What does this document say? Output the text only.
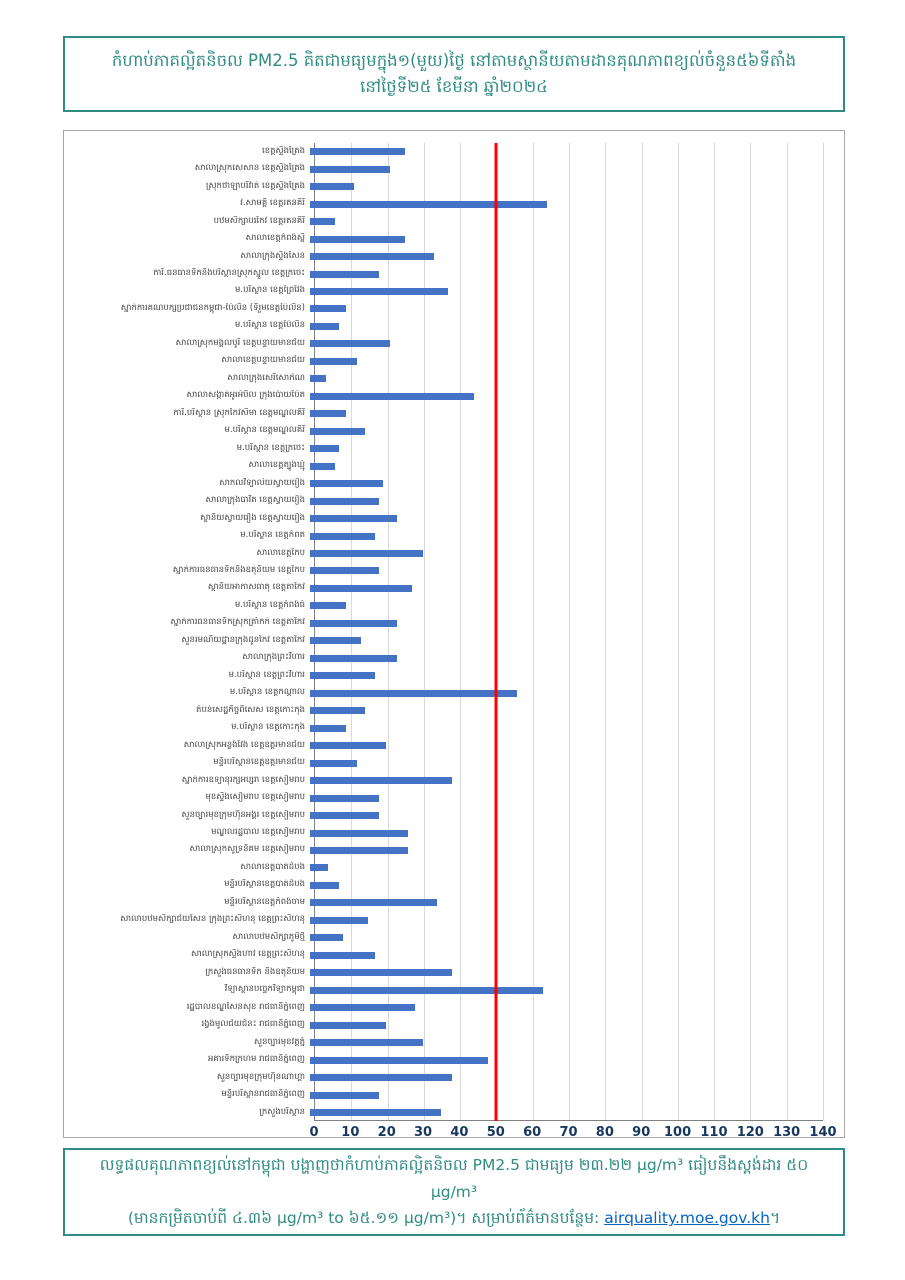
កំហាប់ភាគល្អិតនិចល PM2.5 គិតជាមធ្យមក្នុង១(មួយ)ថ្ងៃ នៅតាមស្ថានីយតាមដានគុណភាពខ្យល់ចំនួន៥៦ទីតាំង
នៅថ្ងៃទី២៥ ខែមីនា ឆ្នាំ២០២៤
ខេត្តស្ទឹងត្រែង
សាលាស្រុកសេសាន ខេត្តស្ទឹងត្រែង
ស្រុកថាឡាបរិវ៉ាត់ ខេត្តស្ទឹងត្រែង
វ.សាមគ្គី ខេត្តរតនគិរី
បឋមសិក្សាបរកែវ ខេត្តរតនគិរី
សាលាខេត្តកំពង់ស្ពឺ
សាលាក្រុងស្ទឹងសែន
ការិ.ធនធានទឹកនិងបរិស្ថានស្រុកស្នួល ខេត្តក្រចេះ
ម.បរិស្ថាន ខេត្តព្រៃវែង
ស្នាក់ការគណបក្សប្រជាជនកម្ពុជា-ប៉ៃលិន (ទីរួមខេត្តប៉ៃលិន)
ម.បរិស្ថាន ខេត្តប៉ៃលិន
សាលាស្រុកមង្គលបូរី ខេត្តបន្ទាយមានជ័យ
សាលាខេត្តបន្ទាយមានជ័យ
សាលាក្រុងសេរីសោភ័ណ
សាលាសង្កាត់អូរអំបិល ក្រុងប៉ោយប៉ែត
ការិ.បរិស្ថាន ស្រុកកែវសីមា ខេត្តមណ្ឌលគិរី
ម.បរិស្ថាន ខេត្តមណ្ឌលគិរី
ម.បរិស្ថាន ខេត្តក្រចេះ
សាលាខេត្តត្បូងឃ្មុំ
សាកលវិទ្យាល័យស្វាយរៀង
សាលាក្រុងបាវិត ខេត្តស្វាយរៀង
ស្ថានីយស្វាយរៀង ខេត្តស្វាយរៀង
ម.បរិស្ថាន ខេត្តកំពត
សាលាខេត្តកែប
ស្នាក់ការធនធានទឹកនិងឧតុនិយម ខេត្តកែប
ស្ថានីយអាកាសធាតុ ខេត្តតាកែវ
ម.បរិស្ថាន ខេត្តកំពង់ធំ
ស្នាក់ការធនធានទឹកស្រុកត្រាំកក់ ខេត្តតាកែវ
សួនរមណីយដ្ឋានក្រុងដូនកែវ ខេត្តតាកែវ
សាលាក្រុងព្រះវិហារ
ម.បរិស្ថាន ខេត្តព្រះវិហារ
ម.បរិស្ថាន ខេត្តកណ្តាល
តំបន់សេដ្ឋកិច្ចពិសេស ខេត្តកោះកុង
ម.បរិស្ថាន ខេត្តកោះកុង
សាលាស្រុកអន្លង់វែង ខេត្តឧត្តរមានជ័យ
មន្ទីរបរិស្ថានខេត្តឧត្តរមានជ័យ
ស្នាក់ការឧទ្យានុរក្សអប្សរា ខេត្តសៀមរាប
មុខស្ទឹងសៀមរាប ខេត្តសៀមរាប
សួនច្បារមុខក្រុមហ៊ុនអង្គរ ខេត្តសៀមរាប
មណ្ឌលរដ្ឋបាល ខេត្តសៀមរាប
សាលាស្រុកសូទ្រនិគម ខេត្តសៀមរាប
សាលាខេត្តបាត់ដំបង
មន្ទីរបរិស្ថានខេត្តបាត់ដំបង
មន្ទីរបរិស្ថានខេត្តកំពង់ចាម
សាលាបឋមសិក្សាជ័យសែន ក្រុងព្រះសីហនុ ខេត្តព្រះសីហនុ
សាលាបឋមសិក្សាភូមិថ្មី
សាលាស្រុកស្ទឹងហាវ ខេត្តព្រះសីហនុ
ក្រសួងធនធានទឹក និងឧតុនិយម
វិទ្យាស្ថានបច្ចេកវិទ្យាកម្ពុជា
រដ្ឋបាលខណ្ឌសែនសុខ រាជធានីភ្នំពេញ
រង្វង់មូលជ័យជំនះ រាជធានីភ្នំពេញ
សួនច្បារមុខវត្តភ្នំ
អគារទឹកក្រហម រាជធានីភ្នំពេញ
សួនច្បារមុខក្រុមហ៊ុនណាហ្គា
មន្ទីរបរិស្ថានរាជធានីភ្នំពេញ
ក្រសួងបរិស្ថាន
0 10 20 30 40 50 60 70 80 90 100 110 120 130 140
លទ្ធផលគុណភាពខ្យល់នៅកម្ពុជា បង្ហាញថាកំហាប់ភាគល្អិតនិចល PM2.5 ជាមធ្យម ២៣.២២ µg/m³ ធៀបនឹងស្តង់ដារ ៥០ µg/m³
(មានកម្រិតចាប់ពី ៤.៣៦ µg/m³ to ៦៥.១១ µg/m³)។ សម្រាប់ព័ត៌មានបន្ថែម: airquality.moe.gov.kh។
